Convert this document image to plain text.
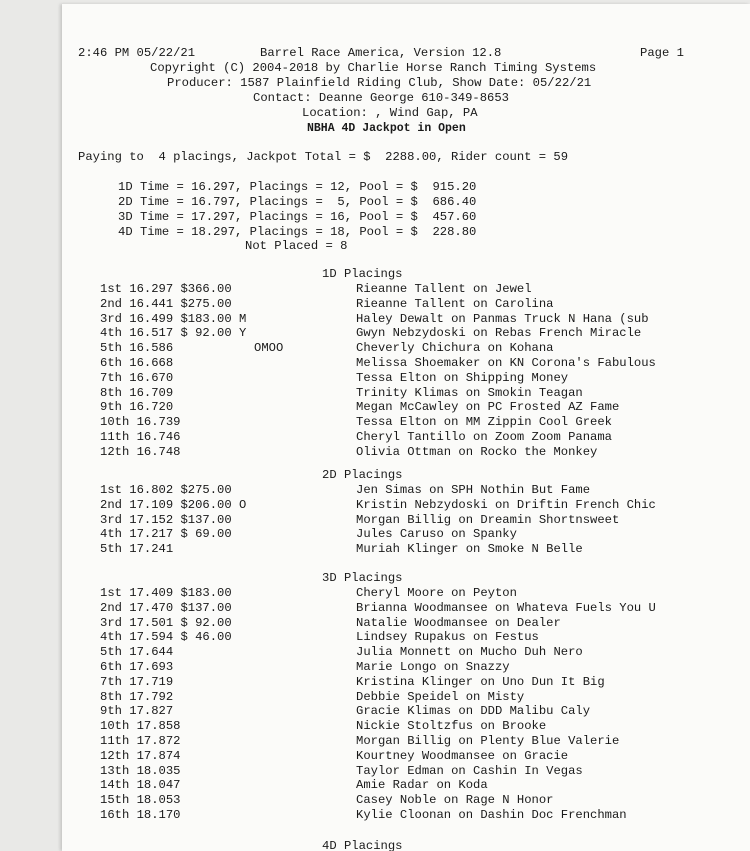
2:46 PM 05/22/21	Barrel Race America, Version 12.8	Page 1
Copyright (C) 2004-2018 by Charlie Horse Ranch Timing Systems
Producer: 1587 Plainfield Riding Club, Show Date: 05/22/21
Contact: Deanne George 610-349-8653
Location: , Wind Gap, PA
NBHA 4D Jackpot in Open
Paying to  4 placings, Jackpot Total = $  2288.00, Rider count = 59
1D Time = 16.297, Placings = 12, Pool = $  915.20
2D Time = 16.797, Placings =  5, Pool = $  686.40
3D Time = 17.297, Placings = 16, Pool = $  457.60
4D Time = 18.297, Placings = 18, Pool = $  228.80
Not Placed = 8
1D Placings
1st 16.297 $366.00	Rieanne Tallent on Jewel
2nd 16.441 $275.00	Rieanne Tallent on Carolina
3rd 16.499 $183.00 M	Haley Dewalt on Panmas Truck N Hana (sub
4th 16.517 $ 92.00 Y	Gwyn Nebzydoski on Rebas French Miracle
5th 16.586	OMOO	Cheverly Chichura on Kohana
6th 16.668	Melissa Shoemaker on KN Corona's Fabulous
7th 16.670	Tessa Elton on Shipping Money
8th 16.709	Trinity Klimas on Smokin Teagan
9th 16.720	Megan McCawley on PC Frosted AZ Fame
10th 16.739	Tessa Elton on MM Zippin Cool Greek
11th 16.746	Cheryl Tantillo on Zoom Zoom Panama
12th 16.748	Olivia Ottman on Rocko the Monkey
2D Placings
1st 16.802 $275.00	Jen Simas on SPH Nothin But Fame
2nd 17.109 $206.00 O	Kristin Nebzydoski on Driftin French Chic
3rd 17.152 $137.00	Morgan Billig on Dreamin Shortnsweet
4th 17.217 $ 69.00	Jules Caruso on Spanky
5th 17.241	Muriah Klinger on Smoke N Belle
3D Placings
1st 17.409 $183.00	Cheryl Moore on Peyton
2nd 17.470 $137.00	Brianna Woodmansee on Whateva Fuels You U
3rd 17.501 $ 92.00	Natalie Woodmansee on Dealer
4th 17.594 $ 46.00	Lindsey Rupakus on Festus
5th 17.644	Julia Monnett on Mucho Duh Nero
6th 17.693	Marie Longo on Snazzy
7th 17.719	Kristina Klinger on Uno Dun It Big
8th 17.792	Debbie Speidel on Misty
9th 17.827	Gracie Klimas on DDD Malibu Caly
10th 17.858	Nickie Stoltzfus on Brooke
11th 17.872	Morgan Billig on Plenty Blue Valerie
12th 17.874	Kourtney Woodmansee on Gracie
13th 18.035	Taylor Edman on Cashin In Vegas
14th 18.047	Amie Radar on Koda
15th 18.053	Casey Noble on Rage N Honor
16th 18.170	Kylie Cloonan on Dashin Doc Frenchman
4D Placings
